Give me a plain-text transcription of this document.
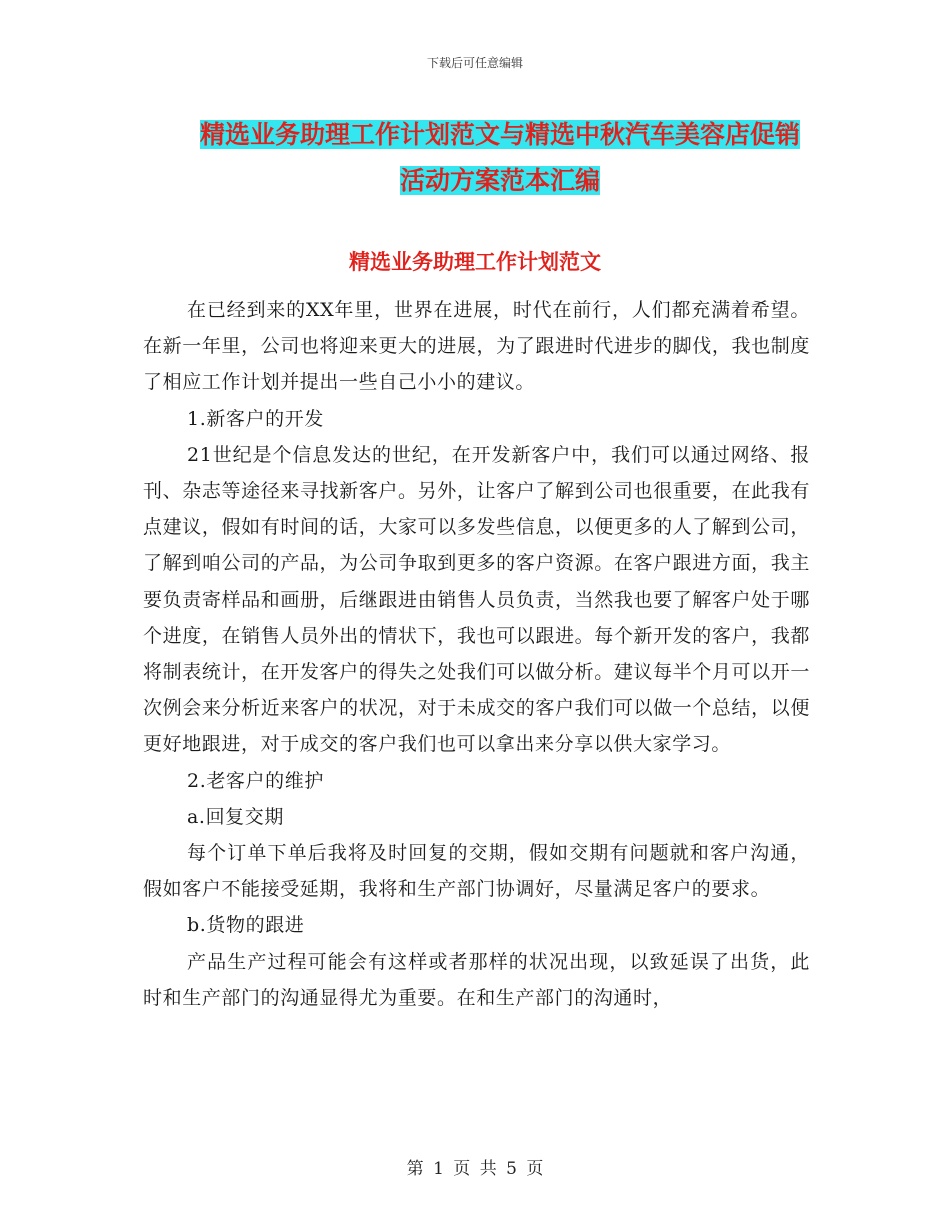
下载后可任意编辑
精选业务助理工作计划范文与精选中秋汽车美容店促销活动方案范本汇编
精选业务助理工作计划范文

在已经到来的XX年里，世界在进展，时代在前行，人们都充满着希望。在新一年里，公司也将迎来更大的进展，为了跟进时代进步的脚伐，我也制度了相应工作计划并提出一些自己小小的建议。

1.新客户的开发

21世纪是个信息发达的世纪，在开发新客户中，我们可以通过网络、报刊、杂志等途径来寻找新客户。另外，让客户了解到公司也很重要，在此我有点建议，假如有时间的话，大家可以多发些信息，以便更多的人了解到公司，了解到咱公司的产品，为公司争取到更多的客户资源。在客户跟进方面，我主要负责寄样品和画册，后继跟进由销售人员负责，当然我也要了解客户处于哪个进度，在销售人员外出的情状下，我也可以跟进。每个新开发的客户，我都将制表统计，在开发客户的得失之处我们可以做分析。建议每半个月可以开一次例会来分析近来客户的状况，对于未成交的客户我们可以做一个总结，以便更好地跟进，对于成交的客户我们也可以拿出来分享以供大家学习。

2.老客户的维护

a.回复交期

每个订单下单后我将及时回复的交期，假如交期有问题就和客户沟通，假如客户不能接受延期，我将和生产部门协调好，尽量满足客户的要求。

b.货物的跟进

产品生产过程可能会有这样或者那样的状况出现，以致延误了出货，此时和生产部门的沟通显得尤为重要。在和生产部门的沟通时，

第 1 页 共 5 页
